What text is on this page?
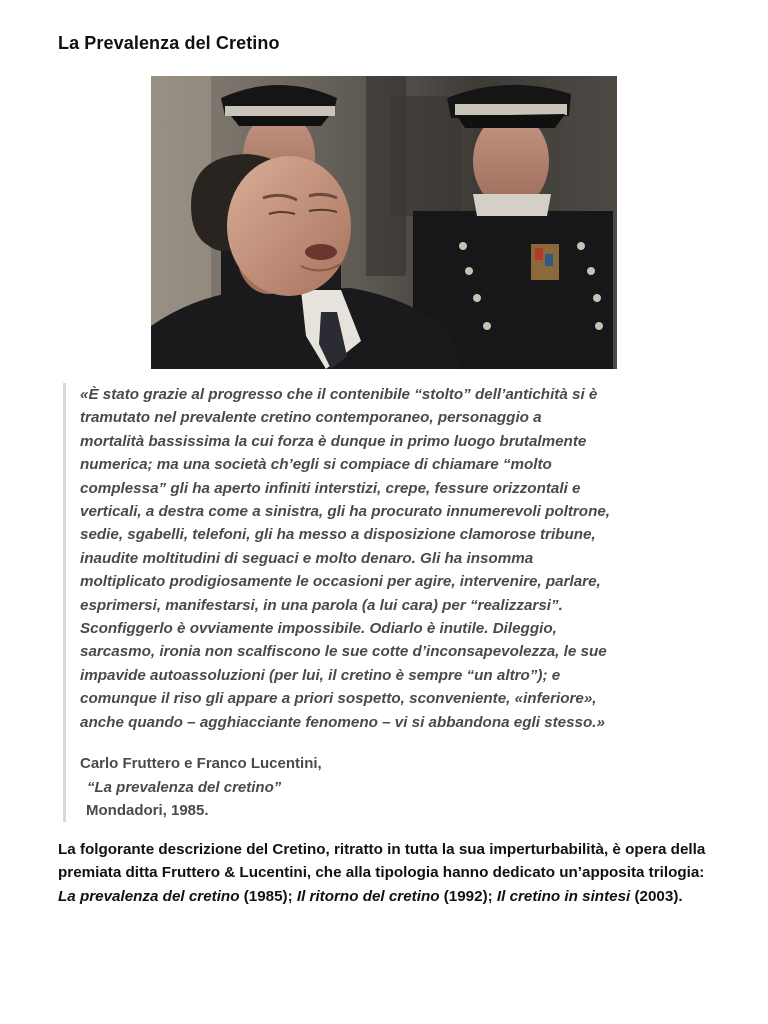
La Prevalenza del Cretino

«È stato grazie al progresso che il contenibile “stolto” dell’antichità si è
tramutato nel prevalente cretino contemporaneo, personaggio a
mortalità bassissima la cui forza è dunque in primo luogo brutalmente
numerica; ma una società ch’egli si compiace di chiamare “molto
complessa” gli ha aperto infiniti interstizi, crepe, fessure orizzontali e
verticali, a destra come a sinistra, gli ha procurato innumerevoli poltrone,
sedie, sgabelli, telefoni, gli ha messo a disposizione clamorose tribune,
inaudite moltitudini di seguaci e molto denaro. Gli ha insomma
moltiplicato prodigiosamente le occasioni per agire, intervenire, parlare,
esprimersi, manifestarsi, in una parola (a lui cara) per “realizzarsi”.
Sconfiggerlo è ovviamente impossibile. Odiarlo è inutile. Dileggio,
sarcasmo, ironia non scalfiscono le sue cotte d’inconsapevolezza, le sue
impavide autoassoluzioni (per lui, il cretino è sempre “un altro”); e
comunque il riso gli appare a priori sospetto, sconveniente, «inferiore»,
anche quando – agghiacciante fenomeno – vi si abbandona egli stesso.»

Carlo Fruttero e Franco Lucentini,
“La prevalenza del cretino”
Mondadori, 1985.

La folgorante descrizione del Cretino, ritratto in tutta la sua imperturbabilità, è opera della premiata ditta Fruttero & Lucentini, che alla tipologia hanno dedicato un’apposita trilogia: La prevalenza del cretino (1985); Il ritorno del cretino (1992); Il cretino in sintesi (2003).
